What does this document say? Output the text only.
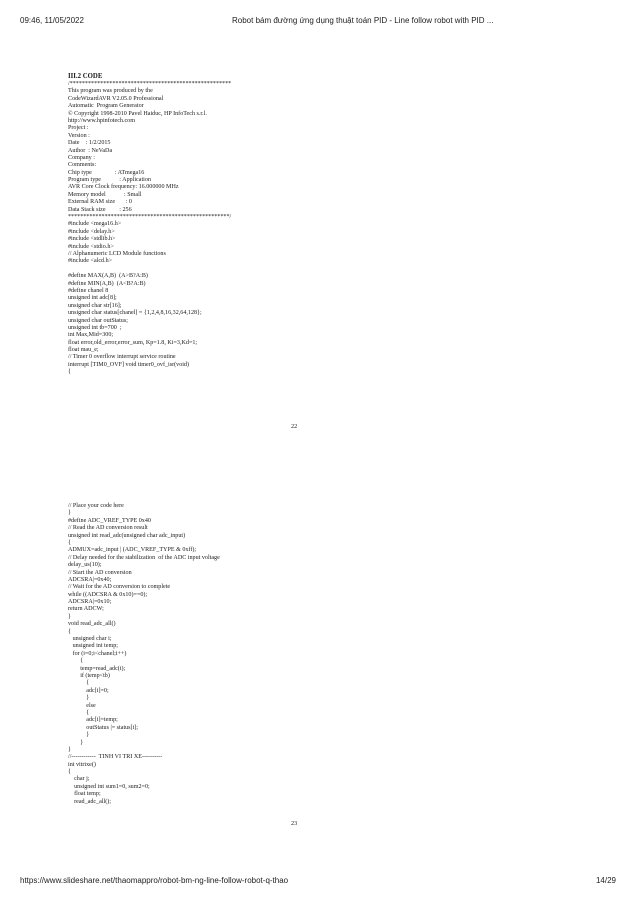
09:46, 11/05/2022	Robot bám đường ứng dụng thuật toán PID - Line follow robot with PID ...
III.2 CODE
/*****************************************************
This program was produced by the
CodeWizardAVR V2.05.0 Professional
Automatic  Program Generator
© Copyright 1998-2010 Pavel Haiduc, HP InfoTech s.r.l.
http://www.hpinfotech.com
Project :
Version :
Date    : 1/2/2015
Author  : NeVaDa
Company :
Comments:
Chip type               : ATmega16
Program type            : Application
AVR Core Clock frequency: 16.000000 MHz
Memory model            : Small
External RAM size       : 0
Data Stack size         : 256
*****************************************************/
#include <mega16.h>
#include <delay.h>
#include <stdlib.h>
#include <stdio.h>
// Alphanumeric LCD Module functions
#include <alcd.h>
#define MAX(A,B)  (A>B?A:B)
#define MIN(A,B)  (A<B?A:B)
#define chanel 8
unsigned int adc[8];
unsigned char str[16];
unsigned char status[chanel] = {1,2,4,8,16,32,64,128};
unsigned char outStatus;
unsigned int tb=700  ;
int Max,Mid=300;
float error,old_error,error_sum, Kp=1.8, Ki=3,Kd=1;
float mau_e;
// Timer 0 overflow interrupt service routine
interrupt [TIM0_OVF] void timer0_ovf_isr(void)
{
22
// Place your code here
}
#define ADC_VREF_TYPE 0x40
// Read the AD conversion result
unsigned int read_adc(unsigned char adc_input)
{
ADMUX=adc_input | (ADC_VREF_TYPE & 0xff);
// Delay needed for the stabilization  of the ADC input voltage
delay_us(10);
// Start the AD conversion
ADCSRA|=0x40;
// Wait for the AD conversion to complete
while ((ADCSRA & 0x10)==0);
ADCSRA|=0x10;
return ADCW;
}
void read_adc_all()
{
unsigned char i;
unsigned int temp;
for (i=0;i<chanel;i++)
{
temp=read_adc(i);
if (temp<tb)
{
adc[i]=0;
}
else
{
adc[i]=temp;
outStatus |= status[i];
}
}
}
//------------  TINH VI TRI XE----------
int vitrixe()
{
char j;
unsigned int sum1=0, sum2=0;
float temp;
read_adc_all();
23
https://www.slideshare.net/thaomappro/robot-bm-ng-line-follow-robot-q-thao	14/29
